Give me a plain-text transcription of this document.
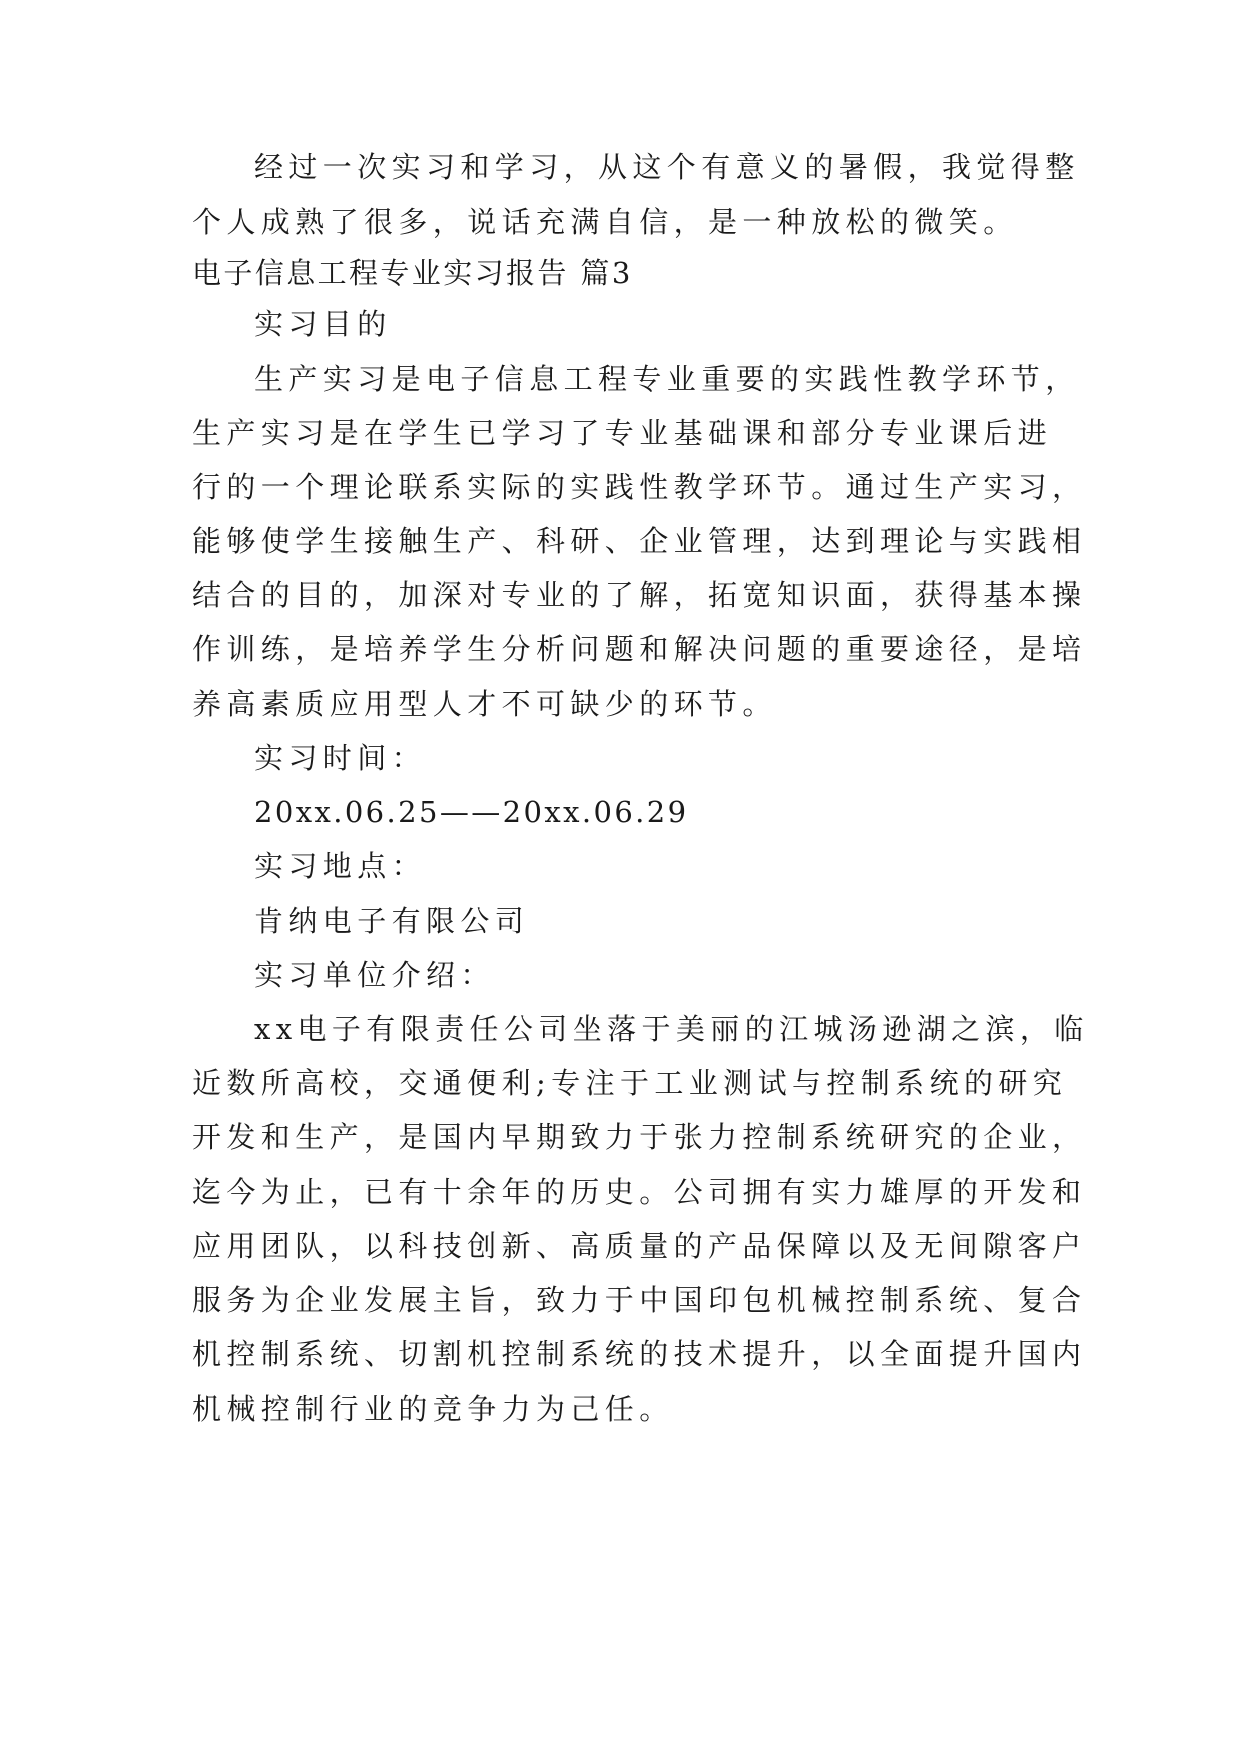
经过一次实习和学习，从这个有意义的暑假，我觉得整
个人成熟了很多，说话充满自信，是一种放松的微笑。
电子信息工程专业实习报告 篇3
实习目的
生产实习是电子信息工程专业重要的实践性教学环节，
生产实习是在学生已学习了专业基础课和部分专业课后进
行的一个理论联系实际的实践性教学环节。通过生产实习，
能够使学生接触生产、科研、企业管理，达到理论与实践相
结合的目的，加深对专业的了解，拓宽知识面，获得基本操
作训练，是培养学生分析问题和解决问题的重要途径，是培
养高素质应用型人才不可缺少的环节。
实习时间：
20xx.06.25——20xx.06.29
实习地点：
肯纳电子有限公司
实习单位介绍：
xx电子有限责任公司坐落于美丽的江城汤逊湖之滨，临
近数所高校，交通便利;专注于工业测试与控制系统的研究
开发和生产，是国内早期致力于张力控制系统研究的企业，
迄今为止，已有十余年的历史。公司拥有实力雄厚的开发和
应用团队，以科技创新、高质量的产品保障以及无间隙客户
服务为企业发展主旨，致力于中国印包机械控制系统、复合
机控制系统、切割机控制系统的技术提升，以全面提升国内
机械控制行业的竞争力为己任。
